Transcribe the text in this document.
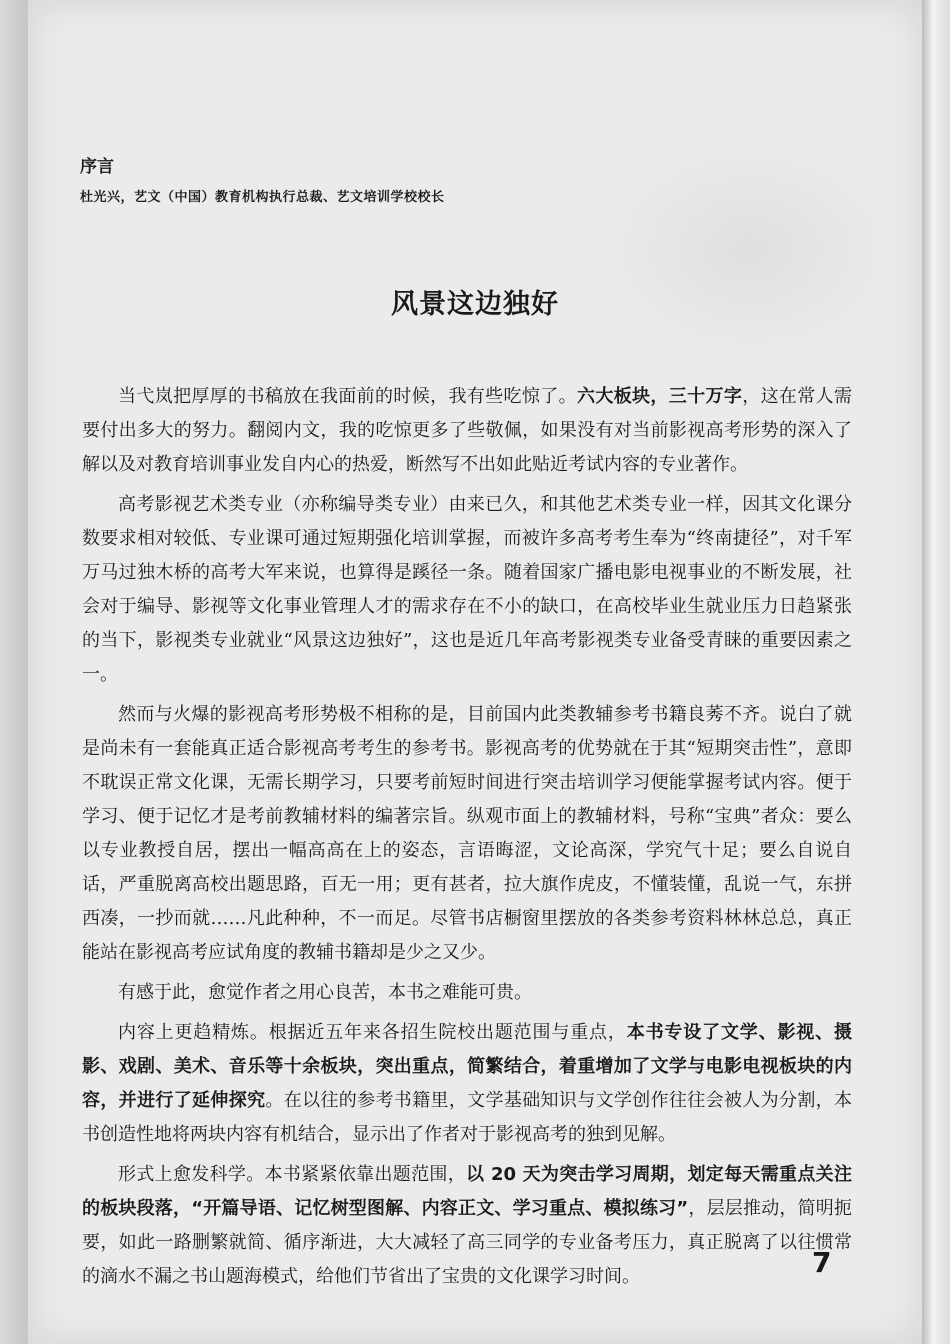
序言
杜光兴，艺文（中国）教育机构执行总裁、艺文培训学校校长
风景这边独好

当弋岚把厚厚的书稿放在我面前的时候，我有些吃惊了。六大板块，三十万字，这在常人需要付出多大的努力。翻阅内文，我的吃惊更多了些敬佩，如果没有对当前影视高考形势的深入了解以及对教育培训事业发自内心的热爱，断然写不出如此贴近考试内容的专业著作。

高考影视艺术类专业（亦称编导类专业）由来已久，和其他艺术类专业一样，因其文化课分数要求相对较低、专业课可通过短期强化培训掌握，而被许多高考考生奉为“终南捷径”，对千军万马过独木桥的高考大军来说，也算得是蹊径一条。随着国家广播电影电视事业的不断发展，社会对于编导、影视等文化事业管理人才的需求存在不小的缺口，在高校毕业生就业压力日趋紧张的当下，影视类专业就业“风景这边独好”，这也是近几年高考影视类专业备受青睐的重要因素之一。

然而与火爆的影视高考形势极不相称的是，目前国内此类教辅参考书籍良莠不齐。说白了就是尚未有一套能真正适合影视高考考生的参考书。影视高考的优势就在于其“短期突击性”，意即不耽误正常文化课，无需长期学习，只要考前短时间进行突击培训学习便能掌握考试内容。便于学习、便于记忆才是考前教辅材料的编著宗旨。纵观市面上的教辅材料，号称“宝典”者众：要么以专业教授自居，摆出一幅高高在上的姿态，言语晦涩，文论高深，学究气十足；要么自说自话，严重脱离高校出题思路，百无一用；更有甚者，拉大旗作虎皮，不懂装懂，乱说一气，东拼西凑，一抄而就……凡此种种，不一而足。尽管书店橱窗里摆放的各类参考资料林林总总，真正能站在影视高考应试角度的教辅书籍却是少之又少。

有感于此，愈觉作者之用心良苦，本书之难能可贵。

内容上更趋精炼。根据近五年来各招生院校出题范围与重点，本书专设了文学、影视、摄影、戏剧、美术、音乐等十余板块，突出重点，简繁结合，着重增加了文学与电影电视板块的内容，并进行了延伸探究。在以往的参考书籍里，文学基础知识与文学创作往往会被人为分割，本书创造性地将两块内容有机结合，显示出了作者对于影视高考的独到见解。

形式上愈发科学。本书紧紧依靠出题范围，以 20 天为突击学习周期，划定每天需重点关注的板块段落，“开篇导语、记忆树型图解、内容正文、学习重点、模拟练习”，层层推动，简明扼要，如此一路删繁就简、循序渐进，大大减轻了高三同学的专业备考压力，真正脱离了以往惯常的滴水不漏之书山题海模式，给他们节省出了宝贵的文化课学习时间。	7
